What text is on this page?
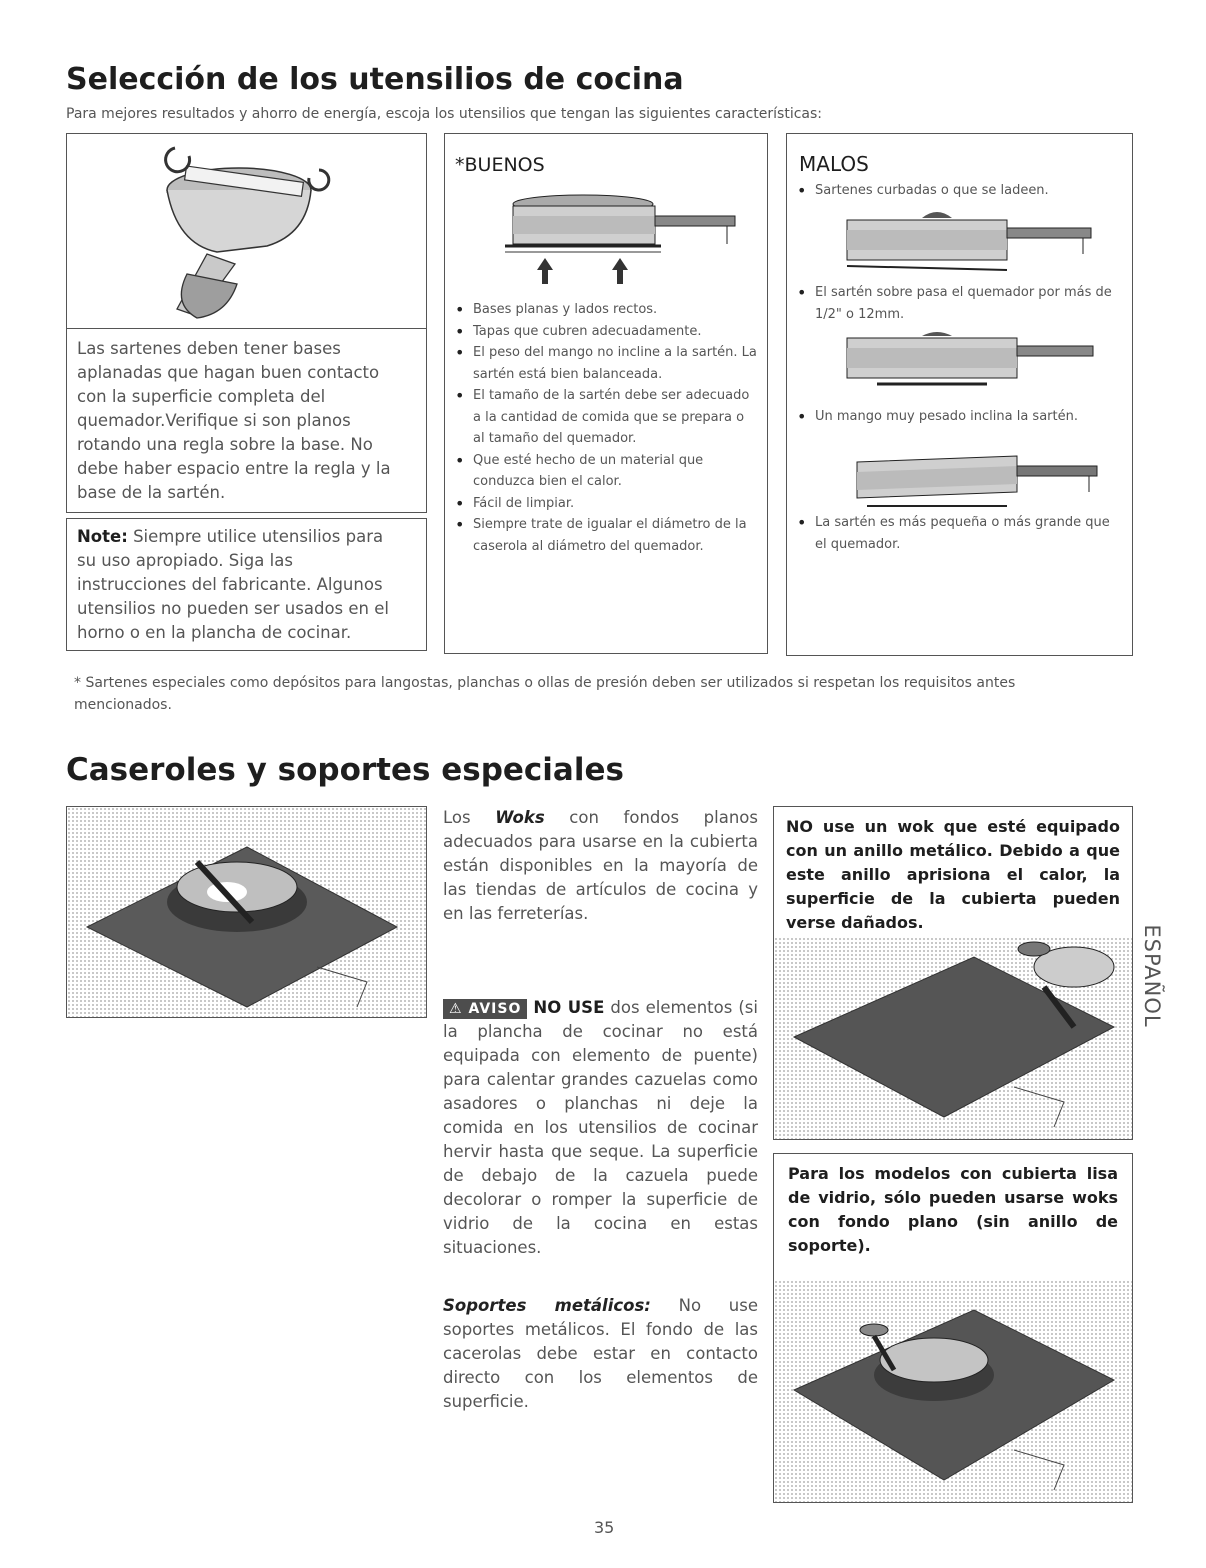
Selección de los utensilios de cocina
Para mejores resultados y ahorro de energía, escoja los utensilios que tengan las siguientes características:
Las sartenes deben tener bases aplanadas que hagan buen contacto con la superficie completa del quemador.Verifique si son planos rotando una regla sobre la base. No debe haber espacio entre la regla y la base de la sartén.
Note: Siempre utilice utensilios para su uso apropiado. Siga las instrucciones del fabricante. Algunos utensilios no pueden ser usados en el horno o en la plancha de cocinar.
*BUENOS
• Bases planas y lados rectos.
• Tapas que cubren adecuadamente.
• El peso del mango no incline a la sartén. La sartén está bien balanceada.
• El tamaño de la sartén debe ser adecuado a la cantidad de comida que se prepara o al tamaño del quemador.
• Que esté hecho de un material que conduzca bien el calor.
• Fácil de limpiar.
• Siempre trate de igualar el diámetro de la caserola al diámetro del quemador.
MALOS
• Sartenes curbadas o que se ladeen.
• El sartén sobre pasa el quemador por más de 1/2" o 12mm.
• Un mango muy pesado inclina la sartén.
• La sartén es más pequeña o más grande que el quemador.
* Sartenes especiales como depósitos para langostas, planchas o ollas de presión deben ser utilizados si respetan los requisitos antes mencionados.
Caseroles y soportes especiales
Los Woks con fondos planos adecuados para usarse en la cubierta están disponibles en la mayoría de las tiendas de artículos de cocina y en las ferreterías.
⚠ AVISO NO USE dos elementos (si la plancha de cocinar no está equipada con elemento de puente) para calentar grandes cazuelas como asadores o planchas ni deje la comida en los utensilios de cocinar hervir hasta que seque. La superficie de debajo de la cazuela puede decolorar o romper la superficie de vidrio de la cocina en estas situaciones.
Soportes metálicos: No use soportes metálicos. El fondo de las cacerolas debe estar en contacto directo con los elementos de superficie.
NO use un wok que esté equipado con un anillo metálico. Debido a que este anillo aprisiona el calor, la superficie de la cubierta pueden verse dañados.
Para los modelos con cubierta lisa de vidrio, sólo pueden usarse woks con fondo plano (sin anillo de soporte).
ESPAÑOL
35
